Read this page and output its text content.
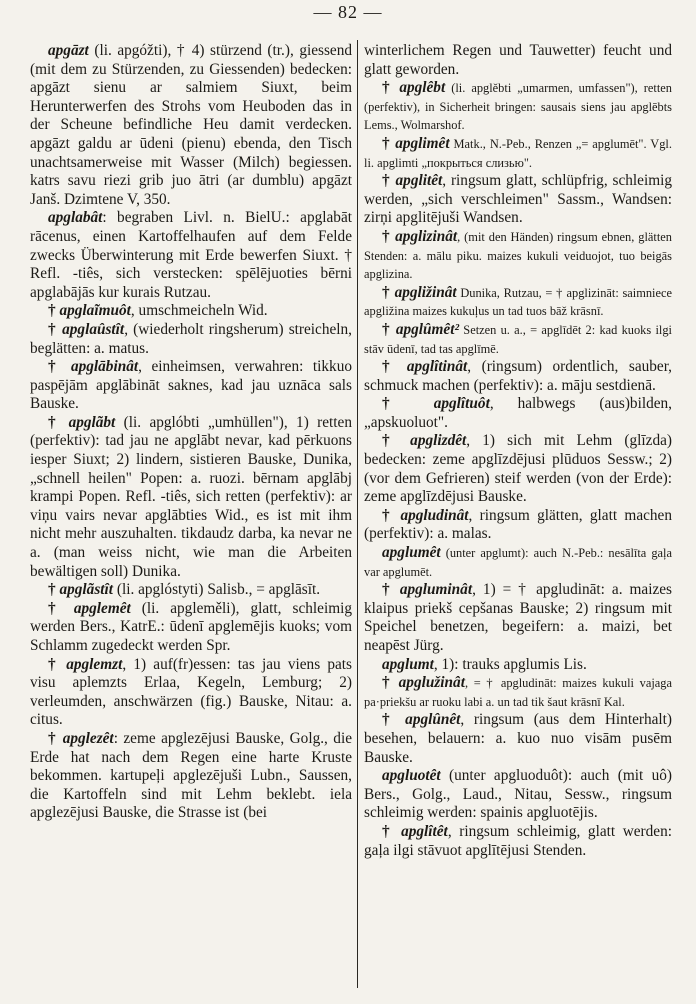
— 82 —

apgāzt (li. apgóžti), † 4) stürzend (tr.), giessend (mit dem zu Stürzenden, zu Giessenden) bedecken: apgāzt sienu ar salmiem Siuxt, beim Herunterwerfen des Strohs vom Heuboden das in der Scheune befindliche Heu damit verdecken. apgāzt galdu ar ūdeni (pienu) ebenda, den Tisch unachtsamerweise mit Wasser (Milch) begiessen. katrs savu riezi grib juo ātri (ar dumblu) apgāzt Janš. Dzimtene V, 350.

apglabât: begraben Livl. n. BielU.: apglabāt rācenus, einen Kartoffelhaufen auf dem Felde zwecks Überwinterung mit Erde bewerfen Siuxt. † Refl. -tiês, sich verstecken: spēlējuoties bērni apglabājās kur kurais Rutzau.

† apglaĩmuôt, umschmeicheln Wid.

† apglaûstît, (wiederholt ringsherum) streicheln, beglätten: a. matus.

† apglābinât, einheimsen, verwahren: tikkuo paspējām apglābināt saknes, kad jau uznāca sals Bauske.

† apglãbt (li. apglóbti „umhüllen"), 1) retten (perfektiv): tad jau ne apglābt nevar, kad pērkuons iesper Siuxt; 2) lindern, sistieren Bauske, Dunika, „schnell heilen" Popen: a. ruozi. bērnam apglābj krampi Popen. Refl. -tiês, sich retten (perfektiv): ar viņu vairs nevar apglābties Wid., es ist mit ihm nicht mehr auszuhalten. tikdaudz darba, ka nevar ne a. (man weiss nicht, wie man die Arbeiten bewältigen soll) Dunika.

† apglãstît (li. apglóstyti) Salisb., = apglāsīt.

† apglemêt (li. apgleměli), glatt, schleimig werden Bers., KatrE.: ūdenī apglemējis kuoks; vom Schlamm zugedeckt werden Spr.

† apglemzt, 1) auf(fr)essen: tas jau viens pats visu aplemzts Erlaa, Kegeln, Lemburg; 2) verleumden, anschwärzen (fig.) Bauske, Nitau: a. citus.

† apglezêt: zeme apglezējusi Bauske, Golg., die Erde hat nach dem Regen eine harte Kruste bekommen. kartupeļi apglezējuši Lubn., Saussen, die Kartoffeln sind mit Lehm beklebt. iela apglezējusi Bauske, die Strasse ist (bei

winterlichem Regen und Tauwetter) feucht und glatt geworden.

† apglêbt (li. apglěbti „umarmen, umfassen"), retten (perfektiv), in Sicherheit bringen: sausais siens jau apglēbts Lems., Wolmarshof.

† apglimêt Matk., N.-Peb., Renzen „= apglumēt". Vgl. li. apglimti „покрыться слизью".

† apglitêt, ringsum glatt, schlüpfrig, schleimig werden, „sich verschleimen" Sassm., Wandsen: zirņi apglitējuši Wandsen.

† apglizinât, (mit den Händen) ringsum ebnen, glätten Stenden: a. mālu piku. maizes kukuli veiduojot, tuo beigās apglizina.

† apgližinât Dunika, Rutzau, = † apglizināt: saimniece apgližina maizes kukuļus un tad tuos bāž krāsnī.

† apglûmêt² Setzen u. a., = apglīdēt 2: kad kuoks ilgi stāv ūdenī, tad tas apglīmē.

† apglîtinât, (ringsum) ordentlich, sauber, schmuck machen (perfektiv): a. māju sestdienā.

† apglîtuôt, halbwegs (aus)bilden, „apskuoluot".

† apglizdêt, 1) sich mit Lehm (glīzda) bedecken: zeme apglīzdējusi plūduos Sessw.; 2) (vor dem Gefrieren) steif werden (von der Erde): zeme apglīzdējusi Bauske.

† apgludinât, ringsum glätten, glatt machen (perfektiv): a. malas.

apglumêt (unter apglumt): auch N.-Peb.: nesālīta gaļa var apglumēt.

† apgluminât, 1) = † apgludināt: a. maizes klaipus priekš cepšanas Bauske; 2) ringsum mit Speichel benetzen, begeifern: a. maizi, bet neapēst Jürg.

apglumt, 1): trauks apglumis Lis.

† apglužinât, = † apgludināt: maizes kukuli vajaga pa·priekšu ar ruoku labi a. un tad tik šaut krāsnī Kal.

† apglûnêt, ringsum (aus dem Hinterhalt) besehen, belauern: a. kuo nuo visām pusēm Bauske.

apgluotêt (unter apgluoduôt): auch (mit uô) Bers., Golg., Laud., Nitau, Sessw., ringsum schleimig werden: spainis apgluotējis.

† apglîtêt, ringsum schleimig, glatt werden: gaļa ilgi stāvuot apglītējusi Stenden.
